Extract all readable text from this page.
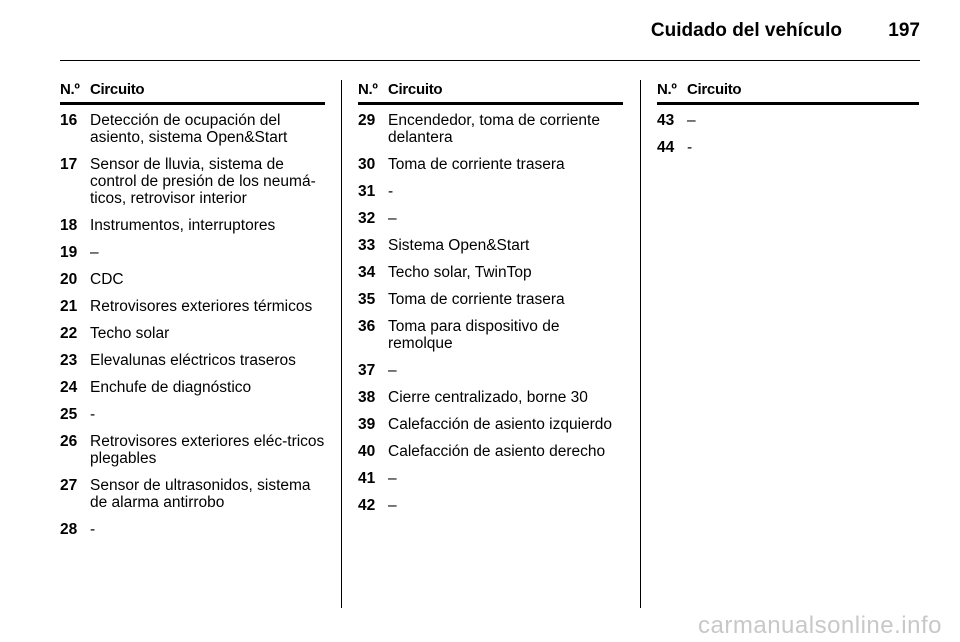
Cuidado del vehículo 197
N.º Circuito
16 Detección de ocupación del asiento, sistema Open&Start
17 Sensor de lluvia, sistema de control de presión de los neumá-ticos, retrovisor interior
18 Instrumentos, interruptores
19 –
20 CDC
21 Retrovisores exteriores térmicos
22 Techo solar
23 Elevalunas eléctricos traseros
24 Enchufe de diagnóstico
25 -
26 Retrovisores exteriores eléc-tricos plegables
27 Sensor de ultrasonidos, sistema de alarma antirrobo
28 -
N.º Circuito
29 Encendedor, toma de corriente delantera
30 Toma de corriente trasera
31 -
32 –
33 Sistema Open&Start
34 Techo solar, TwinTop
35 Toma de corriente trasera
36 Toma para dispositivo de remolque
37 –
38 Cierre centralizado, borne 30
39 Calefacción de asiento izquierdo
40 Calefacción de asiento derecho
41 –
42 –
N.º Circuito
43 –
44 -
carmanualsonline.info
